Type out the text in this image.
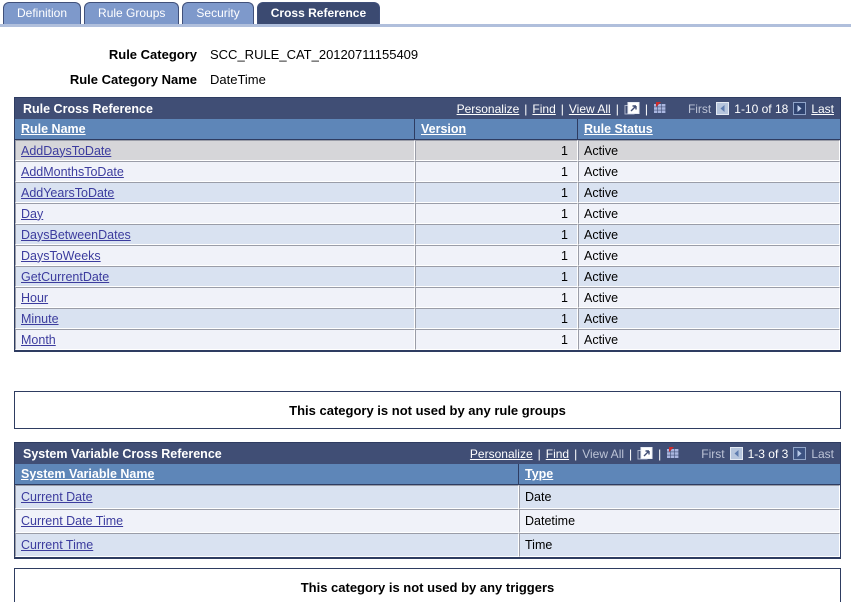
Definition	Rule Groups	Security	Cross Reference
Rule Category SCC_RULE_CAT_20120711155409
Rule Category Name DateTime
Rule Cross Reference	Personalize | Find | View All | |	First 1-10 of 18 Last
Rule Name	Version	Rule Status
AddDaysToDate	1	Active
AddMonthsToDate	1	Active
AddYearsToDate	1	Active
Day	1	Active
DaysBetweenDates	1	Active
DaysToWeeks	1	Active
GetCurrentDate	1	Active
Hour	1	Active
Minute	1	Active
Month	1	Active
This category is not used by any rule groups
System Variable Cross Reference	Personalize | Find | View All | |	First 1-3 of 3 Last
System Variable Name	Type
Current Date	Date
Current Date Time	Datetime
Current Time	Time
This category is not used by any triggers
